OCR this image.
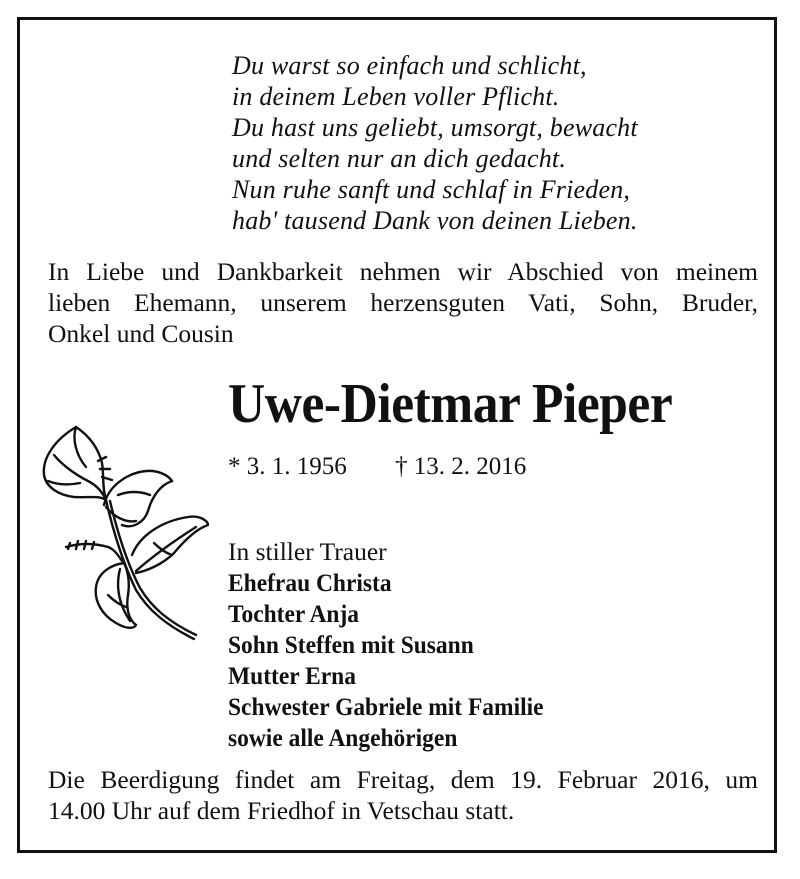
Du warst so einfach und schlicht,
in deinem Leben voller Pflicht.
Du hast uns geliebt, umsorgt, bewacht
und selten nur an dich gedacht.
Nun ruhe sanft und schlaf in Frieden,
hab' tausend Dank von deinen Lieben.
In Liebe und Dankbarkeit nehmen wir Abschied von meinem
lieben Ehemann, unserem herzensguten Vati, Sohn, Bruder,
Onkel und Cousin
Uwe-Dietmar Pieper
* 3. 1. 1956 † 13. 2. 2016
In stiller Trauer
Ehefrau Christa
Tochter Anja
Sohn Steffen mit Susann
Mutter Erna
Schwester Gabriele mit Familie
sowie alle Angehörigen
Die Beerdigung findet am Freitag, dem 19. Februar 2016, um
14.00 Uhr auf dem Friedhof in Vetschau statt.
